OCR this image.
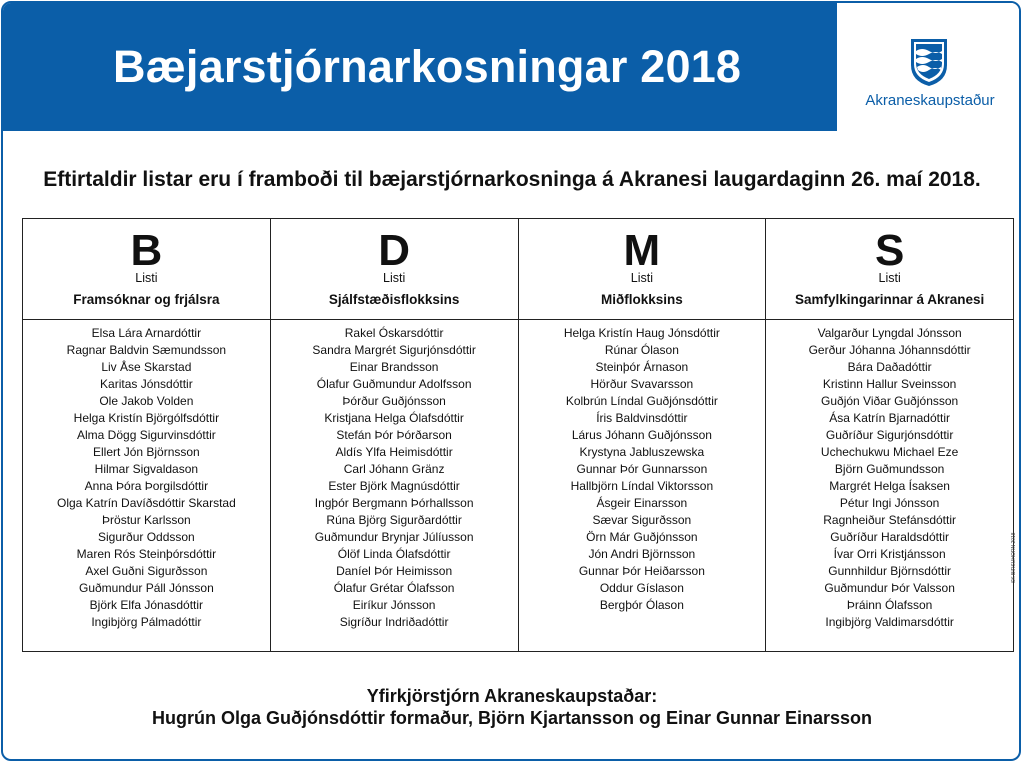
Bæjarstjórnarkosningar 2018
Akraneskaupstaður
Eftirtaldir listar eru í framboði til bæjarstjórnarkosninga á Akranesi laugardaginn 26. maí 2018.
B
Listi
Framsóknar og frjálsra
Elsa Lára Arnardóttir
Ragnar Baldvin Sæmundsson
Liv Åse Skarstad
Karitas Jónsdóttir
Ole Jakob Volden
Helga Kristín Björgólfsdóttir
Alma Dögg Sigurvinsdóttir
Ellert Jón Björnsson
Hilmar Sigvaldason
Anna Þóra Þorgilsdóttir
Olga Katrín Davíðsdóttir Skarstad
Þröstur Karlsson
Sigurður Oddsson
Maren Rós Steinþórsdóttir
Axel Guðni Sigurðsson
Guðmundur Páll Jónsson
Björk Elfa Jónasdóttir
Ingibjörg Pálmadóttir
D
Listi
Sjálfstæðisflokksins
Rakel Óskarsdóttir
Sandra Margrét Sigurjónsdóttir
Einar Brandsson
Ólafur Guðmundur Adolfsson
Þórður Guðjónsson
Kristjana Helga Ólafsdóttir
Stefán Þór Þórðarson
Aldís Ylfa Heimisdóttir
Carl Jóhann Gränz
Ester Björk Magnúsdóttir
Ingþór Bergmann Þórhallsson
Rúna Björg Sigurðardóttir
Guðmundur Brynjar Júlíusson
Ólöf Linda Ólafsdóttir
Daníel Þór Heimisson
Ólafur Grétar Ólafsson
Eiríkur Jónsson
Sigríður Indriðadóttir
M
Listi
Miðflokksins
Helga Kristín Haug Jónsdóttir
Rúnar Ólason
Steinþór Árnason
Hörður Svavarsson
Kolbrún Líndal Guðjónsdóttir
Íris Baldvinsdóttir
Lárus Jóhann Guðjónsson
Krystyna Jabluszewska
Gunnar Þór Gunnarsson
Hallbjörn Líndal Viktorsson
Ásgeir Einarsson
Sævar Sigurðsson
Örn Már Guðjónsson
Jón Andri Björnsson
Gunnar Þór Heiðarsson
Oddur Gíslason
Bergþór Ólason
S
Listi
Samfylkingarinnar á Akranesi
Valgarður Lyngdal Jónsson
Gerður Jóhanna Jóhannsdóttir
Bára Daðadóttir
Kristinn Hallur Sveinsson
Guðjón Viðar Guðjónsson
Ása Katrín Bjarnadóttir
Guðríður Sigurjónsdóttir
Uchechukwu Michael Eze
Björn Guðmundsson
Margrét Helga Ísaksen
Pétur Ingi Jónsson
Ragnheiður Stefánsdóttir
Guðríður Haraldsdóttir
Ívar Orri Kristjánsson
Gunnhildur Björnsdóttir
Guðmundur Þór Valsson
Þráinn Ólafsson
Ingibjörg Valdimarsdóttir
SK BIRSUHORN 2018
Yfirkjörstjórn Akraneskaupstaðar:
Hugrún Olga Guðjónsdóttir formaður, Björn Kjartansson og Einar Gunnar Einarsson
